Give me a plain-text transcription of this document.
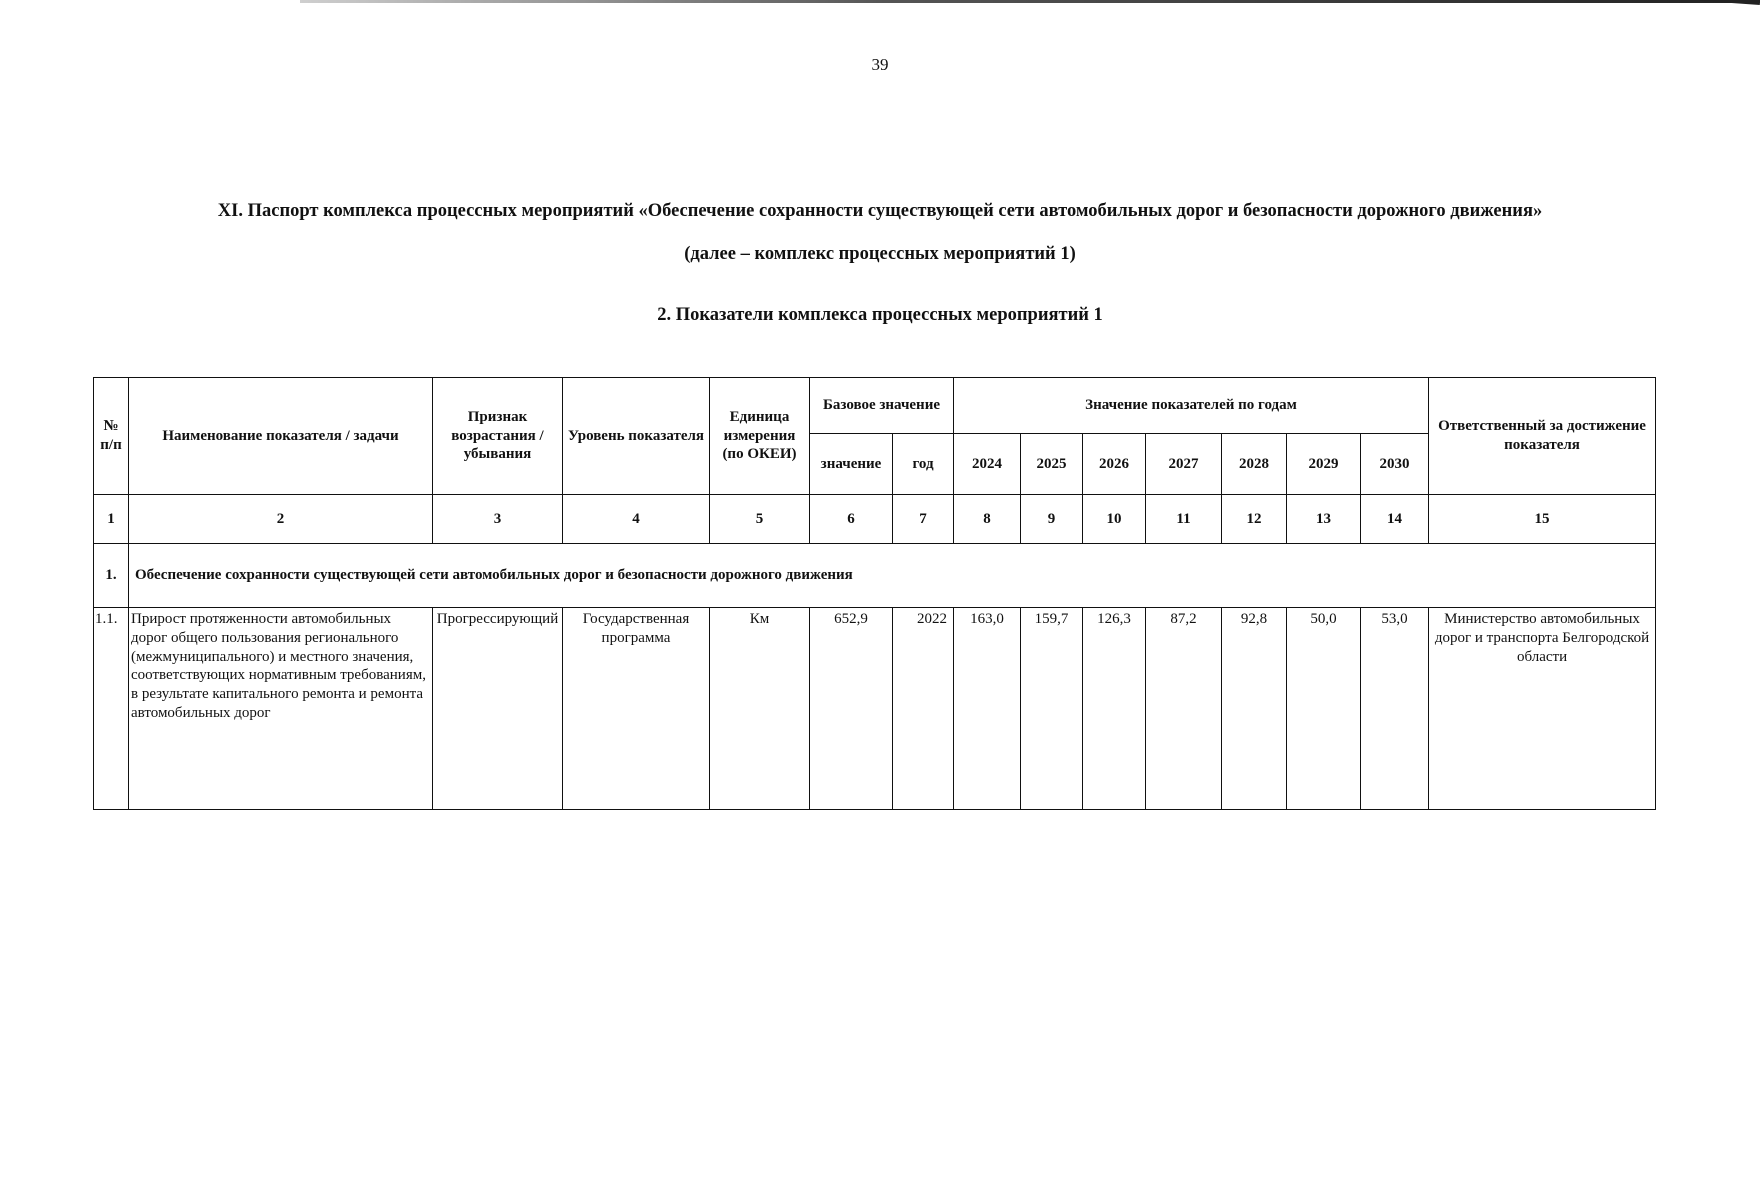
39
XI. Паспорт комплекса процессных мероприятий «Обеспечение сохранности существующей сети автомобильных дорог и безопасности дорожного движения»
(далее – комплекс процессных мероприятий 1)
2. Показатели комплекса процессных мероприятий 1
№ п/п	Наименование показателя / задачи	Признак возрастания / убывания	Уровень показателя	Единица измерения (по ОКЕИ)	Базовое значение		Значение показателей по годам							Ответственный за достижение показателя
					значение	год	2024	2025	2026	2027	2028	2029	2030	
1	2	3	4	5	6	7	8	9	10	11	12	13	14	15
1.	Обеспечение сохранности существующей сети автомобильных дорог и безопасности дорожного движения													
1.1.	Прирост протяженности автомобильных дорог общего пользования регионального (межмуниципального) и местного значения, соответствующих нормативным требованиям, в результате капитального ремонта и ремонта автомобильных дорог	Прогрессирующий	Государственная программа	Км	652,9	2022	163,0	159,7	126,3	87,2	92,8	50,0	53,0	Министерство автомобильных дорог и транспорта Белгородской области
